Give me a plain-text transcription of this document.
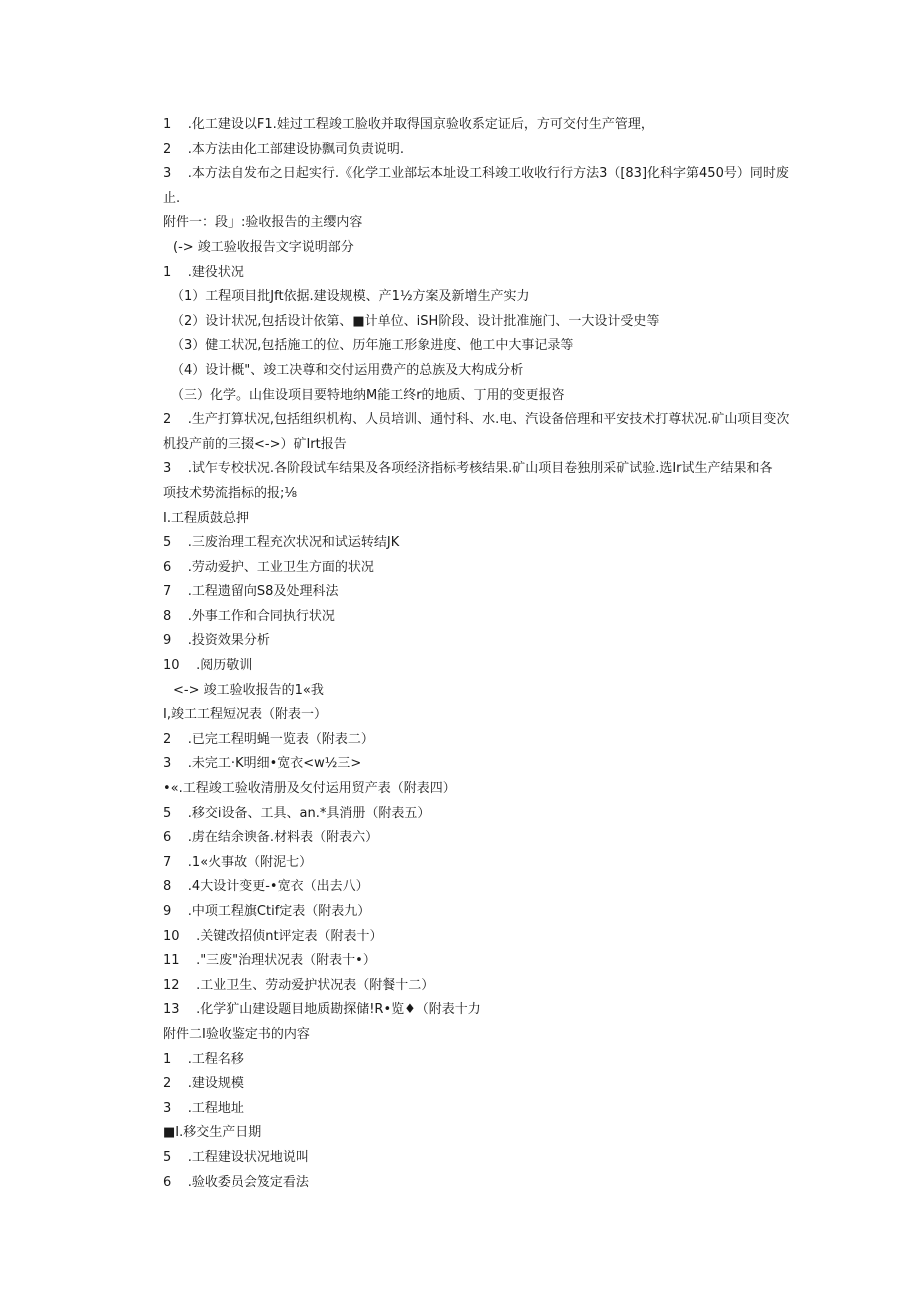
1    .化工建设以F1.娃过工程竣工脸收并取得国京验收系定证后，方可交付生产管理，

2    .本方法由化工部建设协飘司负责说明.

3    .本方法自发布之日起实行.《化学工业部坛本址设工科竣工收收行行方法3（[83]化科字第450号）同时废

止.

附件一：段」:验收报告的主缨内容

(-> 竣工验收报告文字说明部分

1    .建役状况

（1）工程项目批Jft依据.建设规模、产1½方案及新增生产实力

（2）设计状况,包括设计依第、■计单位、iSH阶段、设计批准施门、一大设计受史等

（3）健工状况,包括施工的位、历年施工形象进度、他工中大事记录等

（4）设计概"、竣工决尊和交付运用费产的总族及大构成分析

（三）化学。山隹设项目要特地纳M能工终r的地质、丁用的变更报咨

2    .生产打算状况,包括组织机构、人员培训、通忖科、水.电、汽设备倍理和平安技术打尊状况.矿山项目变次

机投产前的三掇<->）矿Irt报告

3    .试乍专校状况.各阶段试车结果及各项经济指标考核结果.矿山项目卷独刖采矿试验.选Ir试生产结果和各

项技术势流指标的报;⅛

I.工程质鼓总押

5    .三废治理工程充次状况和试运转结JK

6    .劳动爱护、工业卫生方面的状况

7    .工程遗留向S8及处理科法

8    .外事工作和合同执行状况

9    .投资效果分析

10    .阅历敬训

<-> 竣工验收报告的1«我

I,竣工工程短况表（附表一）

2    .已完工程明蝇一览表（附表二）

3    .未完工·K明细•宽衣<w½三>

•«.工程竣工验收清册及攵付运用贸产表（附表四）

5    .移交i设备、工具、an.*具消册（附表五）

6    .虏在结余谀备.材料表（附表六）

7    .1«火事故（附泥七）

8    .4大设计变更-•宽衣（出去八）

9    .中项工程旗Ctif定表（附表九）

10    .关键改招侦nt评定表（附表十）

11    ."三废"治理状况表（附表十•）

12    .工业卫生、劳动爱护状况表（附餐十二）

13    .化学犷山建设题目地质勘探储!R•览♦（附表十力

附件二I验收鉴定书的内容

1    .工程名移

2    .建设规模

3    .工程地址

■I.移交生产日期

5    .工程建设状况地说叫

6    .验收委员会笈定看法
